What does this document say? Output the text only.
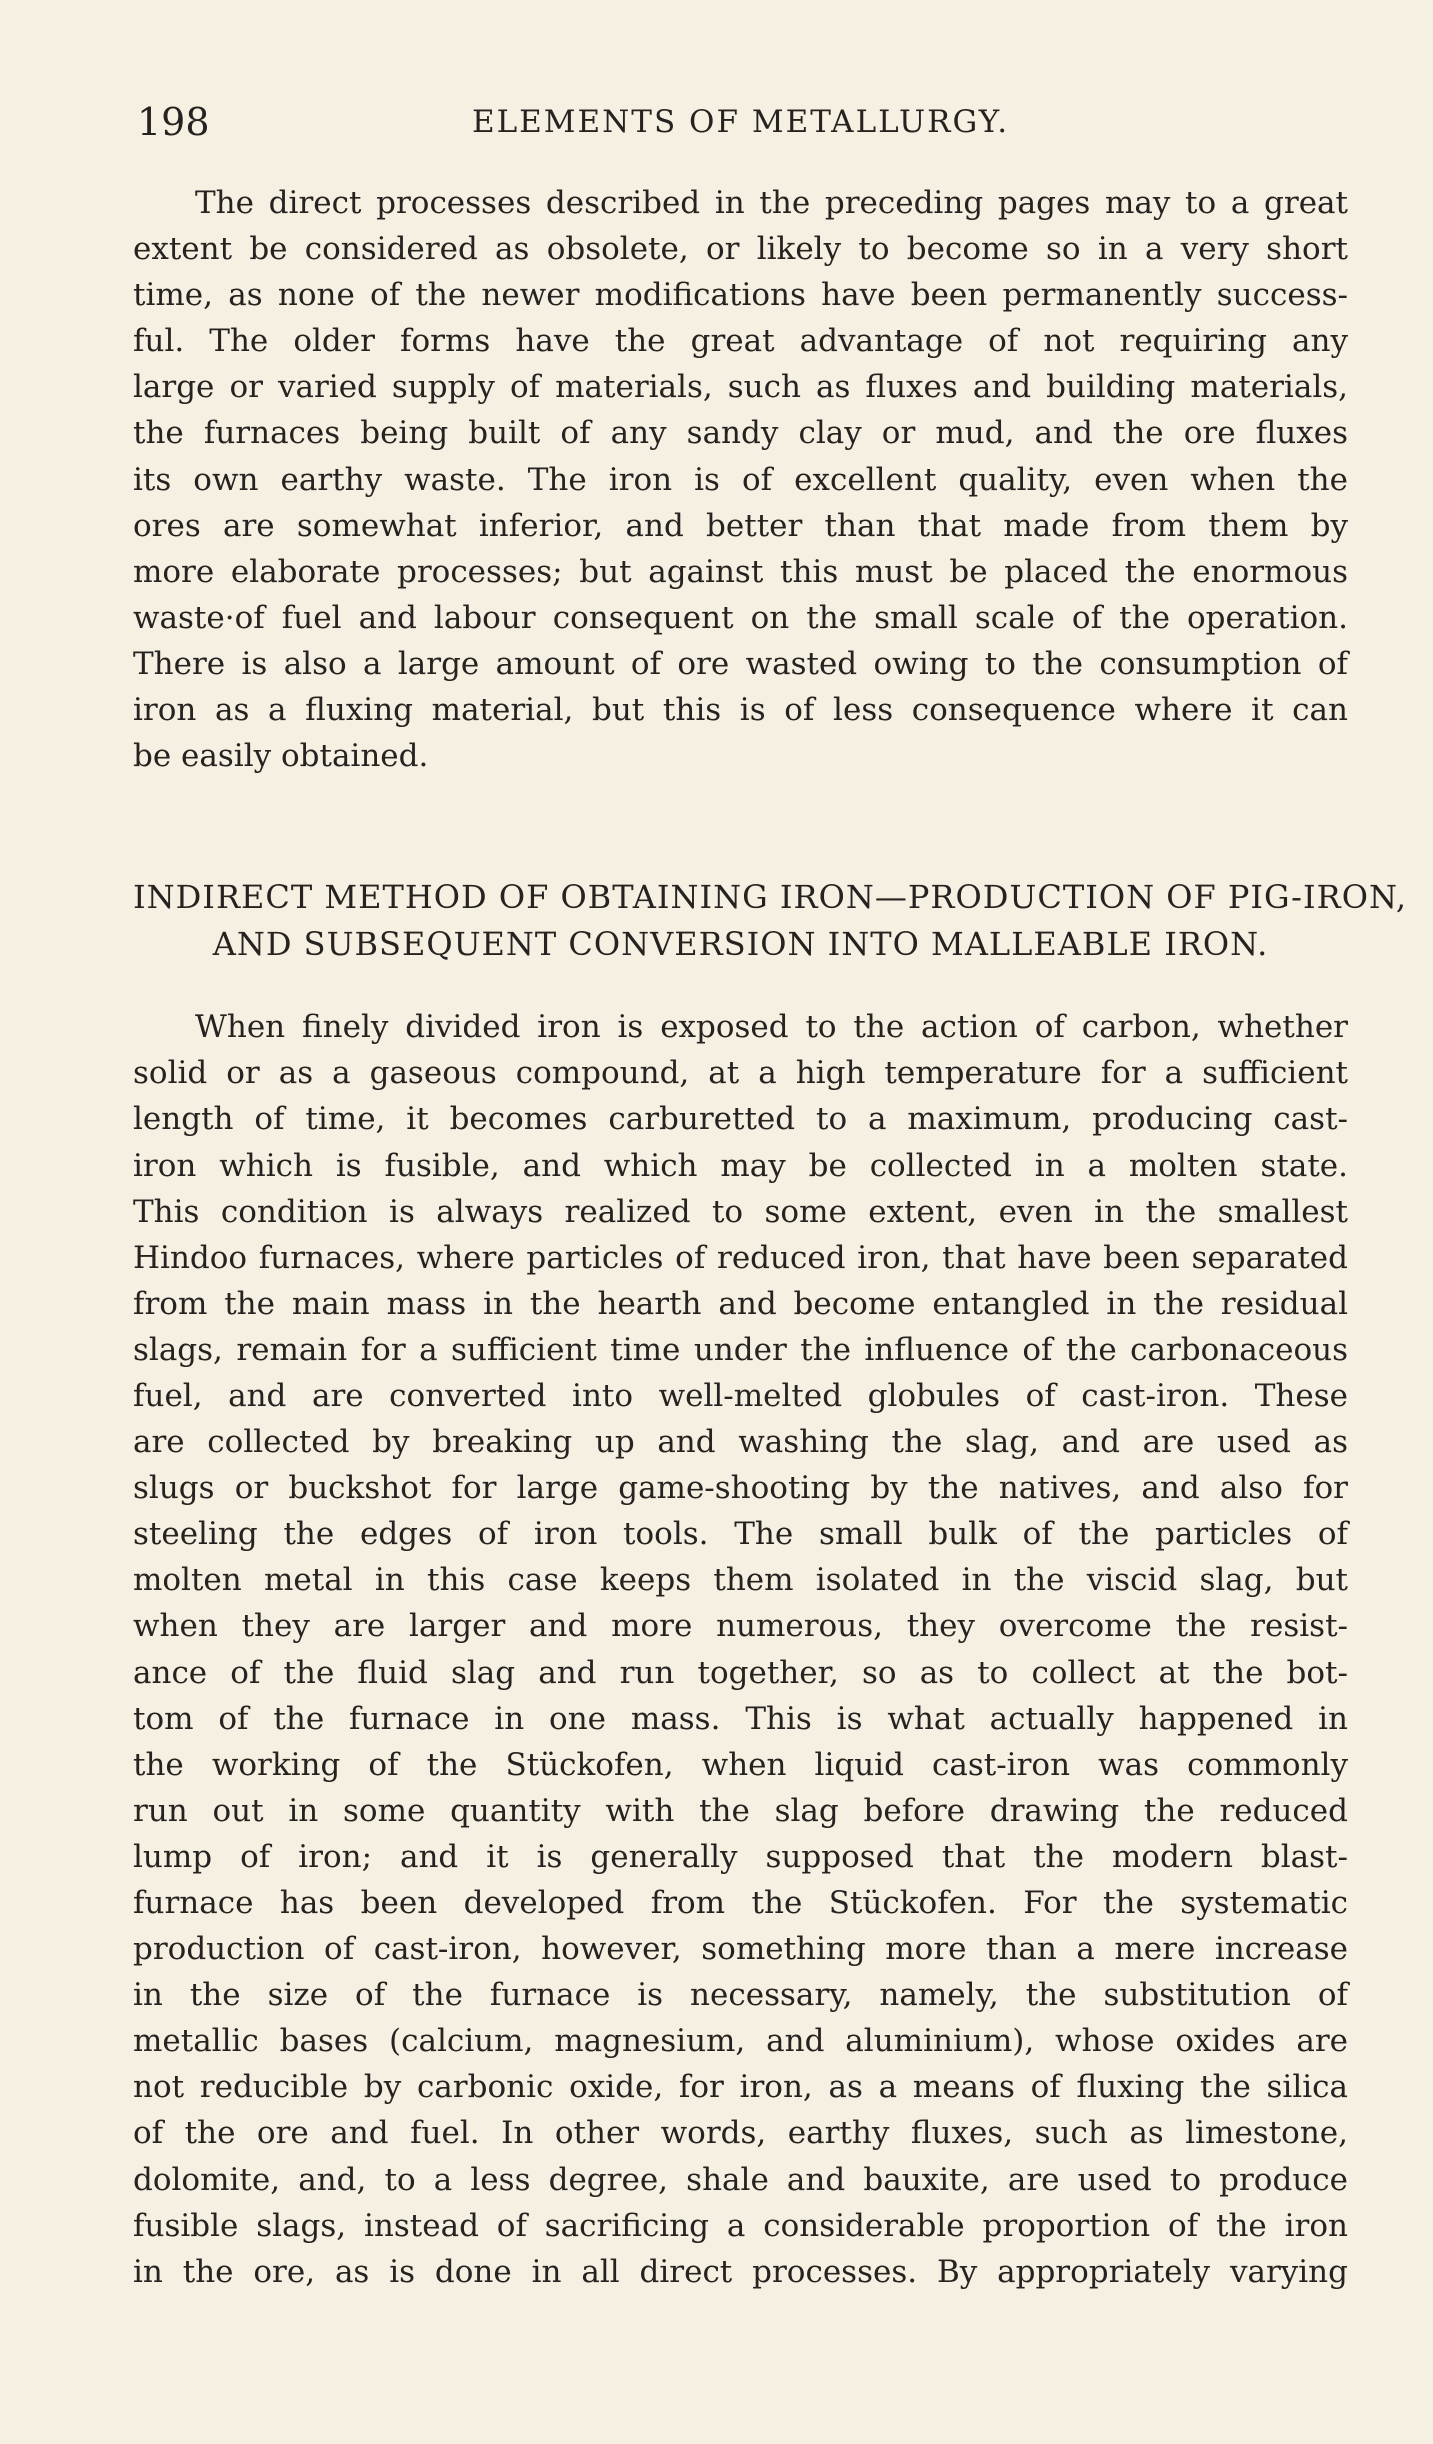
198	ELEMENTS OF METALLURGY.

The direct processes described in the preceding pages may to a great
extent be considered as obsolete, or likely to become so in a very short
time, as none of the newer modifications have been permanently success-
ful. The older forms have the great advantage of not requiring any
large or varied supply of materials, such as fluxes and building materials,
the furnaces being built of any sandy clay or mud, and the ore fluxes
its own earthy waste. The iron is of excellent quality, even when the
ores are somewhat inferior, and better than that made from them by
more elaborate processes; but against this must be placed the enormous
waste·of fuel and labour consequent on the small scale of the operation.
There is also a large amount of ore wasted owing to the consumption of
iron as a fluxing material, but this is of less consequence where it can
be easily obtained.

INDIRECT METHOD OF OBTAINING IRON—PRODUCTION OF PIG-IRON,
AND SUBSEQUENT CONVERSION INTO MALLEABLE IRON.

When finely divided iron is exposed to the action of carbon, whether
solid or as a gaseous compound, at a high temperature for a sufficient
length of time, it becomes carburetted to a maximum, producing cast-
iron which is fusible, and which may be collected in a molten state.
This condition is always realized to some extent, even in the smallest
Hindoo furnaces, where particles of reduced iron, that have been separated
from the main mass in the hearth and become entangled in the residual
slags, remain for a sufficient time under the influence of the carbonaceous
fuel, and are converted into well-melted globules of cast-iron. These
are collected by breaking up and washing the slag, and are used as
slugs or buckshot for large game-shooting by the natives, and also for
steeling the edges of iron tools. The small bulk of the particles of
molten metal in this case keeps them isolated in the viscid slag, but
when they are larger and more numerous, they overcome the resist-
ance of the fluid slag and run together, so as to collect at the bot-
tom of the furnace in one mass. This is what actually happened in
the working of the Stückofen, when liquid cast-iron was commonly
run out in some quantity with the slag before drawing the reduced
lump of iron; and it is generally supposed that the modern blast-
furnace has been developed from the Stückofen. For the systematic
production of cast-iron, however, something more than a mere increase
in the size of the furnace is necessary, namely, the substitution of
metallic bases (calcium, magnesium, and aluminium), whose oxides are
not reducible by carbonic oxide, for iron, as a means of fluxing the silica
of the ore and fuel. In other words, earthy fluxes, such as limestone,
dolomite, and, to a less degree, shale and bauxite, are used to produce
fusible slags, instead of sacrificing a considerable proportion of the iron
in the ore, as is done in all direct processes. By appropriately varying
